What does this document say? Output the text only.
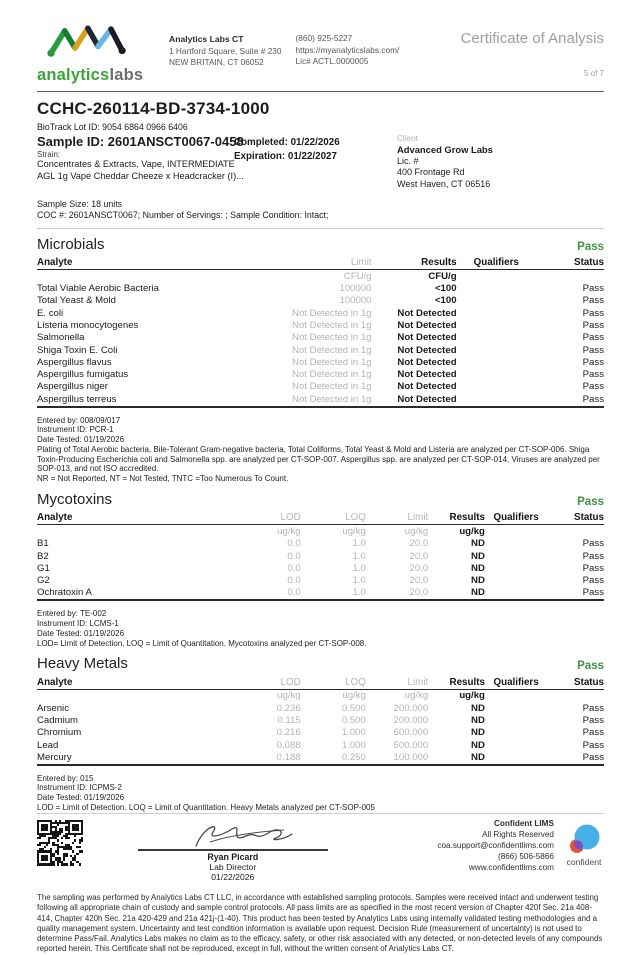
analyticslabs
Analytics Labs CT
1 Hartford Square, Suite # 230
NEW BRITAIN, CT 06052
(860) 925-5227
https://myanalyticslabs.com/
Lic# ACTL.0000005
Certificate of Analysis
5 of 7
CCHC-260114-BD-3734-1000
BioTrack Lot ID: 9054 6864 0966 6406
Sample ID: 2601ANSCT0067-0458
Strain:
Concentrates & Extracts, Vape, INTERMEDIATE
AGL 1g Vape Cheddar Cheeze x Headcracker (I)...
Completed: 01/22/2026
Expiration: 01/22/2027
Client
Advanced Grow Labs
Lic. #
400 Frontage Rd
West Haven, CT 06516
Sample Size: 18 units
COC #: 2601ANSCT0067; Number of Servings: ; Sample Condition: Intact;
Microbials	Pass
Analyte	Limit	Results	Qualifiers	Status
	CFU/g	CFU/g		
Total Viable Aerobic Bacteria	100000	<100		Pass
Total Yeast & Mold	100000	<100		Pass
E. coli	Not Detected in 1g	Not Detected		Pass
Listeria monocytogenes	Not Detected in 1g	Not Detected		Pass
Salmonella	Not Detected in 1g	Not Detected		Pass
Shiga Toxin E. Coli	Not Detected in 1g	Not Detected		Pass
Aspergillus flavus	Not Detected in 1g	Not Detected		Pass
Aspergillus fumigatus	Not Detected in 1g	Not Detected		Pass
Aspergillus niger	Not Detected in 1g	Not Detected		Pass
Aspergillus terreus	Not Detected in 1g	Not Detected		Pass
Entered by: 008/09/017
Instrument ID: PCR-1
Date Tested: 01/19/2026
Plating of Total Aerobic bacteria, Bile-Tolerant Gram-negative bacteria, Total Coliforms, Total Yeast & Mold and Listeria are analyzed per CT-SOP-006. Shiga Toxin-Producing Escherichia coli and Salmonella spp. are analyzed per CT-SOP-007. Aspergillus spp. are analyzed per CT-SOP-014. Viruses are analyzed per SOP-013, and not ISO accredited.
NR = Not Reported, NT = Not Tested, TNTC =Too Numerous To Count.
Mycotoxins	Pass
Analyte	LOD	LOQ	Limit	Results	Qualifiers	Status
	ug/kg	ug/kg	ug/kg	ug/kg		
B1	0.0	1.0	20.0	ND		Pass
B2	0.0	1.0	20.0	ND		Pass
G1	0.0	1.0	20.0	ND		Pass
G2	0.0	1.0	20.0	ND		Pass
Ochratoxin A	0.0	1.0	20.0	ND		Pass
Entered by: TE-002
Instrument ID: LCMS-1
Date Tested: 01/19/2026
LOD= Limit of Detection, LOQ = Limit of Quantitation. Mycotoxins analyzed per CT-SOP-008.
Heavy Metals	Pass
Analyte	LOD	LOQ	Limit	Results	Qualifiers	Status
	ug/kg	ug/kg	ug/kg	ug/kg		
Arsenic	0.236	0.500	200.000	ND		Pass
Cadmium	0.115	0.500	200.000	ND		Pass
Chromium	0.216	1.000	600.000	ND		Pass
Lead	0.088	1.000	500.000	ND		Pass
Mercury	0.188	0.250	100.000	ND		Pass
Entered by: 015
Instrument ID: ICPMS-2
Date Tested: 01/19/2026
LOD = Limit of Detection. LOQ = Limit of Quantitation. Heavy Metals analyzed per CT-SOP-005
Ryan Picard
Lab Director
01/22/2026
Confident LIMS
All Rights Reserved
coa.support@confidentlims.com
(866) 506-5866
www.confidentlims.com
confident
The sampling was performed by Analytics Labs CT LLC, in accordance with established sampling protocols. Samples were received intact and underwent testing following all appropriate chain of custody and sample control protocols. All pass limits are as specified in the most recent version of Chapter 420f Sec. 21a 408-414, Chapter 420h Sec. 21a 420-429 and 21a 421j-(1-40). This product has been tested by Analytics Labs using internally validated testing methodologies and a quality management system. Uncertainty and test condition information is available upon request. Decision Rule (measurement of uncertainty) is not used to determine Pass/Fail. Analytics Labs makes no claim as to the efficacy, safety, or other risk associated with any detected, or non-detected levels of any compounds reported herein. This Certificate shall not be reproduced, except in full, without the written consent of Analytics Labs CT.
